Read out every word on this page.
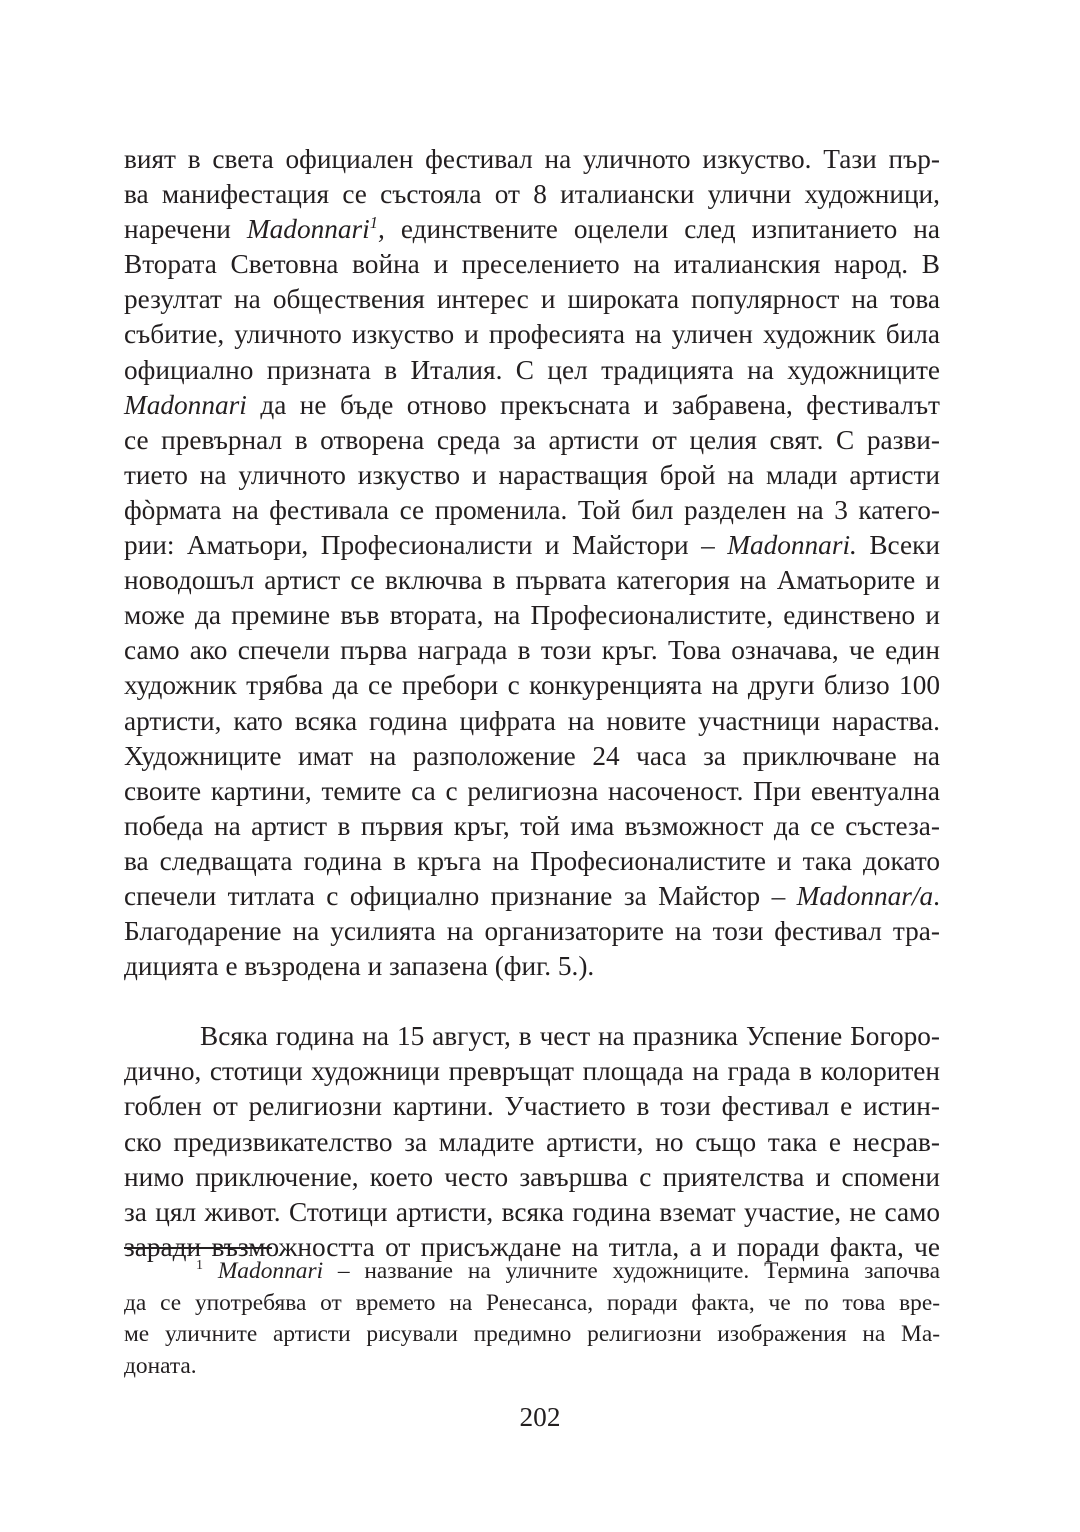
вият в света официален фестивал на уличното изкуство. Тази пър-
ва манифестация се състояла от 8 италиански улични художници,
наречени Madonnari$^1$, единствените оцелели след изпитанието на
Втората Световна война и преселението на италианския народ. В
резултат на обществения интерес и широката популярност на това
събитие, уличното изкуство и професията на уличен художник била
официално призната в Италия. С цел традицията на художниците
Madonnari да не бъде отново прекъсната и забравена, фестивалът
се превърнал в отворена среда за артисти от целия свят. С разви-
тието на уличното изкуство и нарастващия брой на млади артисти
фòрмата на фестивала се променила. Той бил разделен на 3 катего-
рии: Аматьори, Професионалисти и Майстори – Madonnari. Всеки
новодошъл артист се включва в първата категория на Аматьорите и
може да премине във втората, на Професионалистите, единствено и
само ако спечели първа награда в този кръг. Това означава, че един
художник трябва да се пребори с конкуренцията на други близо 100
артисти, като всяка година цифрата на новите участници нараства.
Художниците имат на разположение 24 часа за приключване на
своите картини, темите са с религиозна насоченост. При евентуална
победа на артист в първия кръг, той има възможност да се състеза-
ва следващата година в кръга на Професионалистите и така докато
спечели титлата с официално признание за Майстор – Madonnar/a.
Благодарение на усилията на организаторите на този фестивал тра-
дицията е възродена и запазена (фиг. 5.).
Всяка година на 15 август, в чест на празника Успение Богоро-
дично, стотици художници превръщат площада на града в колоритен
гоблен от религиозни картини. Участието в този фестивал е истин-
ско предизвикателство за младите артисти, но също така е несрав-
нимо приключение, което често завършва с приятелства и спомени
за цял живот. Стотици артисти, всяка година вземат участие, не само
заради възможността от присъждане на титла, а и поради факта, че
$^1$ Madonnari – название на уличните художниците. Термина започва
да се употребява от времето на Ренесанса, поради факта, че по това вре-
ме уличните артисти рисували предимно религиозни изображения на Ма-
доната.
202
